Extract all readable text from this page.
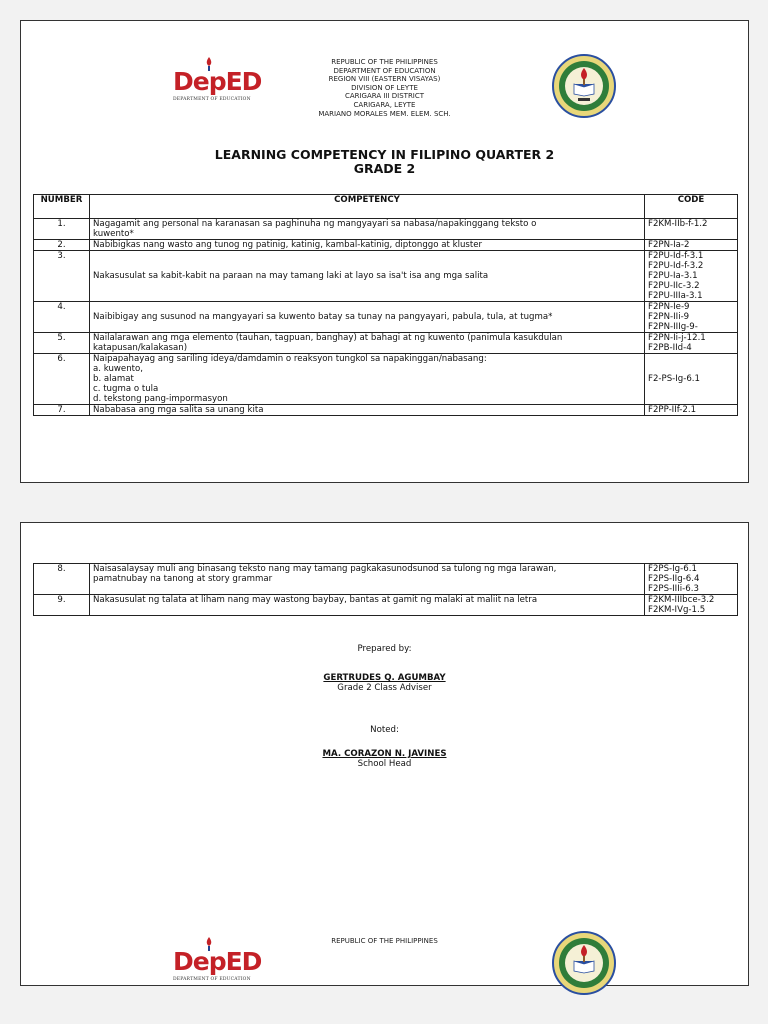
DepED
DEPARTMENT OF EDUCATION
REPUBLIC OF THE PHILIPPINES
DEPARTMENT OF EDUCATION
REGION VIII (EASTERN VISAYAS)
DIVISION OF LEYTE
CARIGARA III DISTRICT
CARIGARA, LEYTE
MARIANO MORALES MEM. ELEM. SCH.
LEARNING COMPETENCY IN FILIPINO QUARTER 2
GRADE 2
NUMBER	COMPETENCY	CODE
1.	Nagagamit ang personal na karanasan sa paghinuha ng mangyayari sa nabasa/napakinggang teksto o
kuwento*	F2KM-IIb-f-1.2

2.	Nabibigkas nang wasto ang tunog ng patinig, katinig, kambal-katinig, diptonggo at kluster	F2PN-Ia-2

3.	Nakasusulat sa kabit-kabit na paraan na may tamang laki at layo sa isa't isa ang mga salita	F2PU-Id-f-3.1
F2PU-Id-f-3.2
F2PU-Ia-3.1
F2PU-IIc-3.2
F2PU-IIIa-3.1

4.	Naibibigay ang susunod na mangyayari sa kuwento batay sa tunay na pangyayari, pabula, tula, at tugma*	F2PN-Ie-9
F2PN-IIi-9
F2PN-IIIg-9-

5.	Nailalarawan ang mga elemento (tauhan, tagpuan, banghay) at bahagi at ng kuwento (panimula kasukdulan
katapusan/kalakasan)	F2PN-Ii-j-12.1
F2PB-IId-4

6.	Naipapahayag ang sariling ideya/damdamin o reaksyon tungkol sa napakinggan/nabasang:
a. kuwento,
b. alamat
c. tugma o tula
d. tekstong pang-impormasyon	F2-PS-Ig-6.1

7.	Nababasa ang mga salita sa unang kita	F2PP-IIf-2.1
8.	Naisasalaysay muli ang binasang teksto nang may tamang pagkakasunodsunod sa tulong ng mga larawan,
pamatnubay na tanong at story grammar	F2PS-Ig-6.1
F2PS-IIg-6.4
F2PS-IIIi-6.3

9.	Nakasusulat ng talata at liham nang may wastong baybay, bantas at gamit ng malaki at maliit na letra	F2KM-IIIbce-3.2
F2KM-IVg-1.5
Prepared by:
GERTRUDES Q. AGUMBAY
Grade 2 Class Adviser
Noted:
MA. CORAZON N. JAVINES
School Head
DepED
DEPARTMENT OF EDUCATION
REPUBLIC OF THE PHILIPPINES
